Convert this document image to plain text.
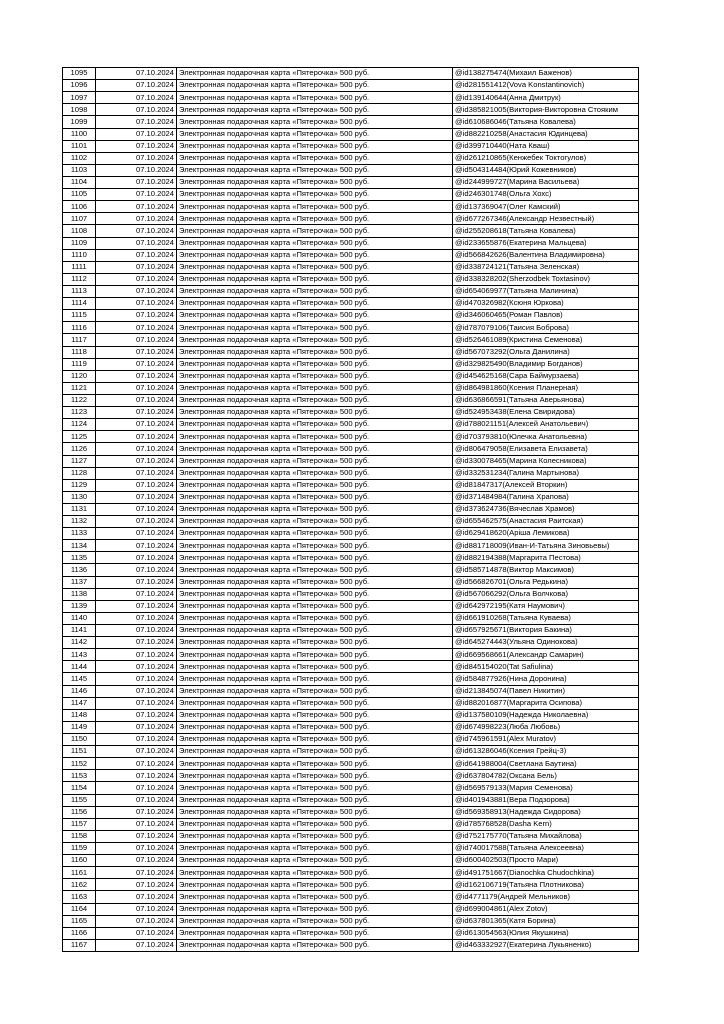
1095	07.10.2024	Электронная подарочная карта «Пятерочка» 500 руб.	@id138275474(Михаил Баженов)
1096	07.10.2024	Электронная подарочная карта «Пятерочка» 500 руб.	@id281551412(Vova Konstantinovich)
1097	07.10.2024	Электронная подарочная карта «Пятерочка» 500 руб.	@id139140644(Анна Дмитрук)
1098	07.10.2024	Электронная подарочная карта «Пятерочка» 500 руб.	@id385821005(Виктория-Викторовна Стояким
1099	07.10.2024	Электронная подарочная карта «Пятерочка» 500 руб.	@id610686046(Татьяна Ковалева)
1100	07.10.2024	Электронная подарочная карта «Пятерочка» 500 руб.	@id882210258(Анастасия Юдинцева)
1101	07.10.2024	Электронная подарочная карта «Пятерочка» 500 руб.	@id399710440(Ната Кваш)
1102	07.10.2024	Электронная подарочная карта «Пятерочка» 500 руб.	@id261210865(Кенжебек Токтогулов)
1103	07.10.2024	Электронная подарочная карта «Пятерочка» 500 руб.	@id504314484(Юрий Кожевников)
1104	07.10.2024	Электронная подарочная карта «Пятерочка» 500 руб.	@id244999727(Марина Васильева)
1105	07.10.2024	Электронная подарочная карта «Пятерочка» 500 руб.	@id246301748(Ольга Хохс)
1106	07.10.2024	Электронная подарочная карта «Пятерочка» 500 руб.	@id137369047(Олег Камский)
1107	07.10.2024	Электронная подарочная карта «Пятерочка» 500 руб.	@id677267346(Александр Незвестный)
1108	07.10.2024	Электронная подарочная карта «Пятерочка» 500 руб.	@id255208618(Татьяна Ковалева)
1109	07.10.2024	Электронная подарочная карта «Пятерочка» 500 руб.	@id233655876(Екатерина Мальцева)
1110	07.10.2024	Электронная подарочная карта «Пятерочка» 500 руб.	@id566842626(Валентина Владимировна)
1111	07.10.2024	Электронная подарочная карта «Пятерочка» 500 руб.	@id338724121(Татьяна Зеленская)
1112	07.10.2024	Электронная подарочная карта «Пятерочка» 500 руб.	@id338328202(Sherzodbek Toxtasinov)
1113	07.10.2024	Электронная подарочная карта «Пятерочка» 500 руб.	@id654069977(Татьяна Малинина)
1114	07.10.2024	Электронная подарочная карта «Пятерочка» 500 руб.	@id470326982(Ксюня Юркова)
1115	07.10.2024	Электронная подарочная карта «Пятерочка» 500 руб.	@id346060465(Роман Павлов)
1116	07.10.2024	Электронная подарочная карта «Пятерочка» 500 руб.	@id787079106(Таисия Боброва)
1117	07.10.2024	Электронная подарочная карта «Пятерочка» 500 руб.	@id526461089(Кристина Семенова)
1118	07.10.2024	Электронная подарочная карта «Пятерочка» 500 руб.	@id567073292(Ольга Данилина)
1119	07.10.2024	Электронная подарочная карта «Пятерочка» 500 руб.	@id329825490(Владимир Богданов)
1120	07.10.2024	Электронная подарочная карта «Пятерочка» 500 руб.	@id454625168(Сара Баймурзаева)
1121	07.10.2024	Электронная подарочная карта «Пятерочка» 500 руб.	@id864981860(Ксения Планерная)
1122	07.10.2024	Электронная подарочная карта «Пятерочка» 500 руб.	@id636866591(Татьяна Аверьянова)
1123	07.10.2024	Электронная подарочная карта «Пятерочка» 500 руб.	@id524953438(Елена Свиридова)
1124	07.10.2024	Электронная подарочная карта «Пятерочка» 500 руб.	@id788021151(Алексей Анатольевич)
1125	07.10.2024	Электронная подарочная карта «Пятерочка» 500 руб.	@id703793810(Юлечка Анатольевна)
1126	07.10.2024	Электронная подарочная карта «Пятерочка» 500 руб.	@id806479058(Елизавета Елизавета)
1127	07.10.2024	Электронная подарочная карта «Пятерочка» 500 руб.	@id330078465(Марина Колесникова)
1128	07.10.2024	Электронная подарочная карта «Пятерочка» 500 руб.	@id332531234(Галина Мартынова)
1129	07.10.2024	Электронная подарочная карта «Пятерочка» 500 руб.	@id81847317(Алексей Вторкин)
1130	07.10.2024	Электронная подарочная карта «Пятерочка» 500 руб.	@id371484984(Галина Храпова)
1131	07.10.2024	Электронная подарочная карта «Пятерочка» 500 руб.	@id373624736(Вячеслав Храмов)
1132	07.10.2024	Электронная подарочная карта «Пятерочка» 500 руб.	@id655462575(Анастасия Раитская)
1133	07.10.2024	Электронная подарочная карта «Пятерочка» 500 руб.	@id629418620(Аріша Лемикова)
1134	07.10.2024	Электронная подарочная карта «Пятерочка» 500 руб.	@id881718009(Иван-И-Татьяна Зиновьевы)
1135	07.10.2024	Электронная подарочная карта «Пятерочка» 500 руб.	@id882194388(Маргарита Пестова)
1136	07.10.2024	Электронная подарочная карта «Пятерочка» 500 руб.	@id585714878(Виктор Максимов)
1137	07.10.2024	Электронная подарочная карта «Пятерочка» 500 руб.	@id566826701(Ольга Редькина)
1138	07.10.2024	Электронная подарочная карта «Пятерочка» 500 руб.	@id567066292(Ольга Волчкова)
1139	07.10.2024	Электронная подарочная карта «Пятерочка» 500 руб.	@id642972195(Катя Наумович)
1140	07.10.2024	Электронная подарочная карта «Пятерочка» 500 руб.	@id661910268(Татьяна Куваева)
1141	07.10.2024	Электронная подарочная карта «Пятерочка» 500 руб.	@id657925671(Виктория Бакина)
1142	07.10.2024	Электронная подарочная карта «Пятерочка» 500 руб.	@id645274443(Ульяна Одинокова)
1143	07.10.2024	Электронная подарочная карта «Пятерочка» 500 руб.	@id669568661(Александр Самарин)
1144	07.10.2024	Электронная подарочная карта «Пятерочка» 500 руб.	@id845154020(Tat Safiulina)
1145	07.10.2024	Электронная подарочная карта «Пятерочка» 500 руб.	@id584877926(Нина Доронина)
1146	07.10.2024	Электронная подарочная карта «Пятерочка» 500 руб.	@id213845074(Павел Никитин)
1147	07.10.2024	Электронная подарочная карта «Пятерочка» 500 руб.	@id882016877(Маргарита Осипова)
1148	07.10.2024	Электронная подарочная карта «Пятерочка» 500 руб.	@id137580109(Надежда Николаевна)
1149	07.10.2024	Электронная подарочная карта «Пятерочка» 500 руб.	@id674998223(Люба Любовь)
1150	07.10.2024	Электронная подарочная карта «Пятерочка» 500 руб.	@id745961591(Alex Muratov)
1151	07.10.2024	Электронная подарочная карта «Пятерочка» 500 руб.	@id613286046(Ксения Грейц-3)
1152	07.10.2024	Электронная подарочная карта «Пятерочка» 500 руб.	@id641988004(Светлана Баутина)
1153	07.10.2024	Электронная подарочная карта «Пятерочка» 500 руб.	@id637804782(Оксана Бель)
1154	07.10.2024	Электронная подарочная карта «Пятерочка» 500 руб.	@id569579133(Мария Семенова)
1155	07.10.2024	Электронная подарочная карта «Пятерочка» 500 руб.	@id401943881(Вера Подзорова)
1156	07.10.2024	Электронная подарочная карта «Пятерочка» 500 руб.	@id569358913(Надежда Сидорова)
1157	07.10.2024	Электронная подарочная карта «Пятерочка» 500 руб.	@id785768528(Dasha Kern)
1158	07.10.2024	Электронная подарочная карта «Пятерочка» 500 руб.	@id752175770(Татьяна Михайлова)
1159	07.10.2024	Электронная подарочная карта «Пятерочка» 500 руб.	@id740017588(Татьяна Алексеевна)
1160	07.10.2024	Электронная подарочная карта «Пятерочка» 500 руб.	@id600402503(Просто Мари)
1161	07.10.2024	Электронная подарочная карта «Пятерочка» 500 руб.	@id491751667(Dianochka Chudochkina)
1162	07.10.2024	Электронная подарочная карта «Пятерочка» 500 руб.	@id162106719(Татьяна Плотникова)
1163	07.10.2024	Электронная подарочная карта «Пятерочка» 500 руб.	@id4771179(Андрей Мельников)
1164	07.10.2024	Электронная подарочная карта «Пятерочка» 500 руб.	@id699004861(Alex Zotov)
1165	07.10.2024	Электронная подарочная карта «Пятерочка» 500 руб.	@id637801365(Катя Борина)
1166	07.10.2024	Электронная подарочная карта «Пятерочка» 500 руб.	@id613054563(Юлия Якушкина)
1167	07.10.2024	Электронная подарочная карта «Пятерочка» 500 руб.	@id463332927(Екатерина Лукьяненко)
